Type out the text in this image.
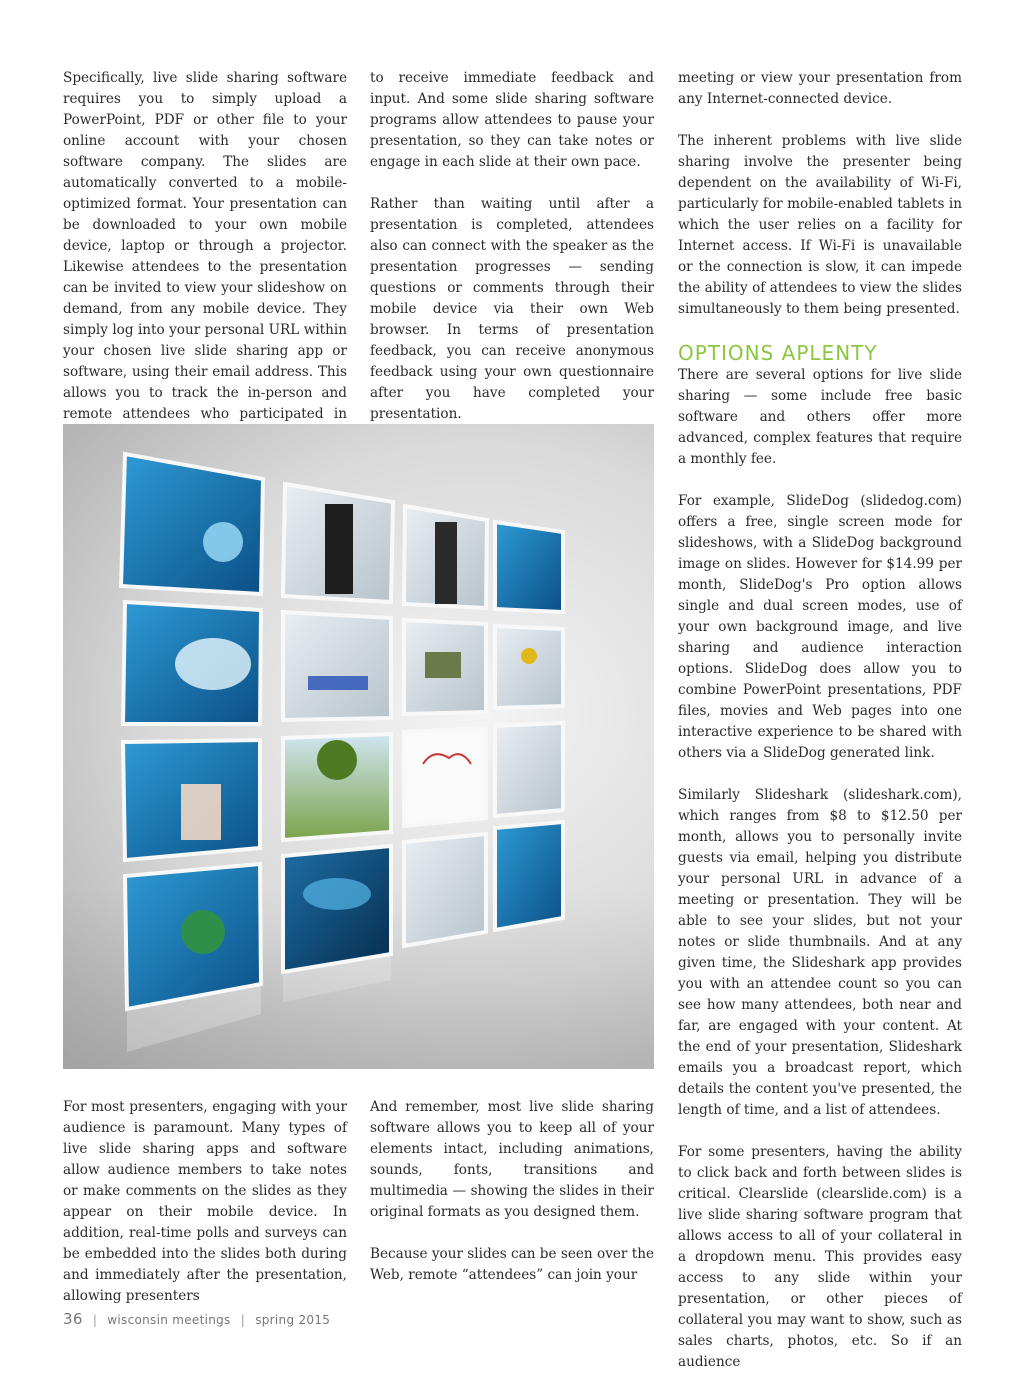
Specifically, live slide sharing software requires you to simply upload a PowerPoint, PDF or other file to your online account with your chosen software company. The slides are automatically converted to a mobile-optimized format. Your presentation can be downloaded to your own mobile device, laptop or through a projector. Likewise attendees to the presentation can be invited to view your slideshow on demand, from any mobile device. They simply log into your personal URL within your chosen live slide sharing app or software, using their email address. This allows you to track the in-person and remote attendees who participated in

to receive immediate feedback and input. And some slide sharing software programs allow attendees to pause your presentation, so they can take notes or engage in each slide at their own pace.

Rather than waiting until after a presentation is completed, attendees also can connect with the speaker as the presentation progresses — sending questions or comments through their mobile device via their own Web browser. In terms of presentation feedback, you can receive anonymous feedback using your own questionnaire after you have completed your presentation.

meeting or view your presentation from any Internet-connected device.

The inherent problems with live slide sharing involve the presenter being dependent on the availability of Wi-Fi, particularly for mobile-enabled tablets in which the user relies on a facility for Internet access. If Wi-Fi is unavailable or the connection is slow, it can impede the ability of attendees to view the slides simultaneously to them being presented.

OPTIONS APLENTY

There are several options for live slide sharing — some include free basic software and others offer more advanced, complex features that require a monthly fee.

For example, SlideDog (slidedog.com) offers a free, single screen mode for slideshows, with a SlideDog background image on slides. However for $14.99 per month, SlideDog's Pro option allows single and dual screen modes, use of your own background image, and live sharing and audience interaction options. SlideDog does allow you to combine PowerPoint presentations, PDF files, movies and Web pages into one interactive experience to be shared with others via a SlideDog generated link.

Similarly Slideshark (slideshark.com), which ranges from $8 to $12.50 per month, allows you to personally invite guests via email, helping you distribute your personal URL in advance of a meeting or presentation. They will be able to see your slides, but not your notes or slide thumbnails. And at any given time, the Slideshark app provides you with an attendee count so you can see how many attendees, both near and far, are engaged with your content. At the end of your presentation, Slideshark emails you a broadcast report, which details the content you've presented, the length of time, and a list of attendees.

For some presenters, having the ability to click back and forth between slides is critical. Clearslide (clearslide.com) is a live slide sharing software program that allows access to all of your collateral in a dropdown menu. This provides easy access to any slide within your presentation, or other pieces of collateral you may want to show, such as sales charts, photos, etc. So if an audience

For most presenters, engaging with your audience is paramount. Many types of live slide sharing apps and software allow audience members to take notes or make comments on the slides as they appear on their mobile device. In addition, real-time polls and surveys can be embedded into the slides both during and immediately after the presentation, allowing presenters

And remember, most live slide sharing software allows you to keep all of your elements intact, including animations, sounds, fonts, transitions and multimedia — showing the slides in their original formats as you designed them.

Because your slides can be seen over the Web, remote “attendees” can join your

36 | wisconsin meetings | spring 2015
